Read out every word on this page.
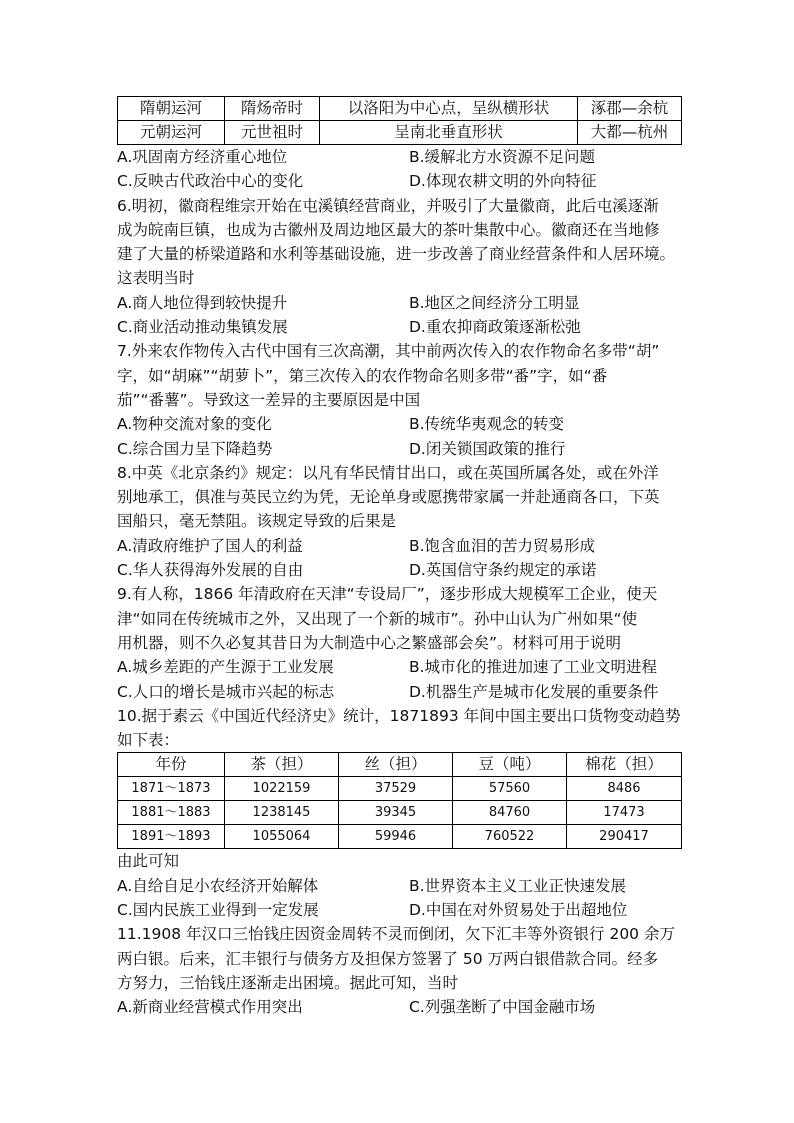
隋朝运河	隋炀帝时	以洛阳为中心点，呈纵横形状	涿郡—余杭
元朝运河	元世祖时	呈南北垂直形状	大都—杭州
A.巩固南方经济重心地位	B.缓解北方水资源不足问题
C.反映古代政治中心的变化	D.体现农耕文明的外向特征
6.明初，徽商程维宗开始在屯溪镇经营商业，并吸引了大量徽商，此后屯溪逐渐
成为皖南巨镇，也成为古徽州及周边地区最大的茶叶集散中心。徽商还在当地修
建了大量的桥梁道路和水利等基础设施，进一步改善了商业经营条件和人居环境。
这表明当时
A.商人地位得到较快提升	B.地区之间经济分工明显
C.商业活动推动集镇发展	D.重农抑商政策逐渐松弛
7.外来农作物传入古代中国有三次高潮，其中前两次传入的农作物命名多带“胡”
字，如“胡麻”“胡萝卜”，第三次传入的农作物命名则多带“番”字，如“番
茄”“番薯”。导致这一差异的主要原因是中国
A.物种交流对象的变化	B.传统华夷观念的转变
C.综合国力呈下降趋势	D.闭关锁国政策的推行
8.中英《北京条约》规定：以凡有华民情甘出口，或在英国所属各处，或在外洋
别地承工，俱准与英民立约为凭，无论单身或愿携带家属一并赴通商各口，下英
国船只，毫无禁阻。该规定导致的后果是
A.清政府维护了国人的利益	B.饱含血泪的苦力贸易形成
C.华人获得海外发展的自由	D.英国信守条约规定的承诺
9.有人称，1866 年清政府在天津“专设局厂”，逐步形成大规模军工企业，使天
津“如同在传统城市之外，又出现了一个新的城市”。孙中山认为广州如果“使
用机器，则不久必复其昔日为大制造中心之繁盛部会矣”。材料可用于说明
A.城乡差距的产生源于工业发展	B.城市化的推进加速了工业文明进程
C.人口的增长是城市兴起的标志	D.机器生产是城市化发展的重要条件
10.据于素云《中国近代经济史》统计，1871893 年间中国主要出口货物变动趋势
如下表：
年份	茶（担）	丝（担）	豆（吨）	棉花（担）
1871～1873	1022159	37529	57560	8486
1881～1883	1238145	39345	84760	17473
1891～1893	1055064	59946	760522	290417
由此可知
A.自给自足小农经济开始解体	B.世界资本主义工业正快速发展
C.国内民族工业得到一定发展	D.中国在对外贸易处于出超地位
11.1908 年汉口三怡钱庄因资金周转不灵而倒闭，欠下汇丰等外资银行 200 余万
两白银。后来，汇丰银行与债务方及担保方签署了 50 万两白银借款合同。经多
方努力，三怡钱庄逐渐走出困境。据此可知，当时
A.新商业经营模式作用突出	C.列强垄断了中国金融市场
